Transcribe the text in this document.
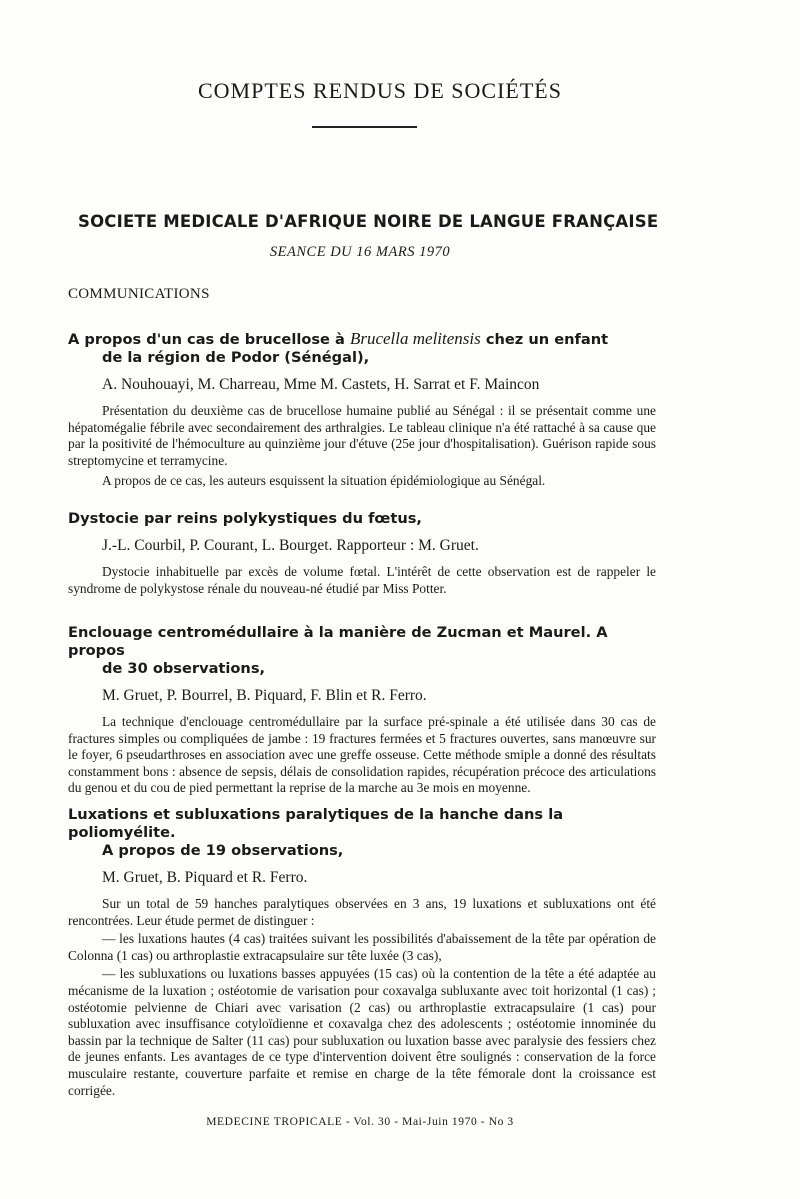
COMPTES RENDUS DE SOCIÉTÉS
SOCIETE MEDICALE D'AFRIQUE NOIRE DE LANGUE FRANÇAISE
SEANCE DU 16 MARS 1970
COMMUNICATIONS
A propos d'un cas de brucellose à Brucella melitensis chez un enfant
de la région de Podor (Sénégal),
A. Nouhouayi, M. Charreau, Mme M. Castets, H. Sarrat et F. Maincon

Présentation du deuxième cas de brucellose humaine publié au Sénégal : il se présentait comme une hépatomégalie fébrile avec secondairement des arthralgies. Le tableau clinique n'a été rattaché à sa cause que par la positivité de l'hémoculture au quinzième jour d'étuve (25e jour d'hospitalisation). Guérison rapide sous streptomycine et terramycine.

A propos de ce cas, les auteurs esquissent la situation épidémiologique au Sénégal.

Dystocie par reins polykystiques du fœtus,
J.-L. Courbil, P. Courant, L. Bourget. Rapporteur : M. Gruet.

Dystocie inhabituelle par excès de volume fœtal. L'intérêt de cette observation est de rappeler le syndrome de polykystose rénale du nouveau-né étudié par Miss Potter.

Enclouage centromédullaire à la manière de Zucman et Maurel. A propos
de 30 observations,
M. Gruet, P. Bourrel, B. Piquard, F. Blin et R. Ferro.

La technique d'enclouage centromédullaire par la surface pré-spinale a été utilisée dans 30 cas de fractures simples ou compliquées de jambe : 19 fractures fermées et 5 fractures ouvertes, sans manœuvre sur le foyer, 6 pseudarthroses en association avec une greffe osseuse. Cette méthode smiple a donné des résultats constamment bons : absence de sepsis, délais de consolidation rapides, récupération précoce des articulations du genou et du cou de pied permettant la reprise de la marche au 3e mois en moyenne.

Luxations et subluxations paralytiques de la hanche dans la poliomyélite.
A propos de 19 observations,
M. Gruet, B. Piquard et R. Ferro.

Sur un total de 59 hanches paralytiques observées en 3 ans, 19 luxations et subluxations ont été rencontrées. Leur étude permet de distinguer :

— les luxations hautes (4 cas) traitées suivant les possibilités d'abaissement de la tête par opération de Colonna (1 cas) ou arthroplastie extracapsulaire sur tête luxée (3 cas),

— les subluxations ou luxations basses appuyées (15 cas) où la contention de la tête a été adaptée au mécanisme de la luxation ; ostéotomie de varisation pour coxavalga subluxante avec toit horizontal (1 cas) ; ostéotomie pelvienne de Chiari avec varisation (2 cas) ou arthroplastie extracapsulaire (1 cas) pour subluxation avec insuffisance cotyloïdienne et coxavalga chez des adolescents ; ostéotomie innominée du bassin par la technique de Salter (11 cas) pour subluxation ou luxation basse avec paralysie des fessiers chez de jeunes enfants. Les avantages de ce type d'intervention doivent être soulignés : conservation de la force musculaire restante, couverture parfaite et remise en charge de la tête fémorale dont la croissance est corrigée.

MEDECINE TROPICALE - Vol. 30 - Mai-Juin 1970 - No 3
